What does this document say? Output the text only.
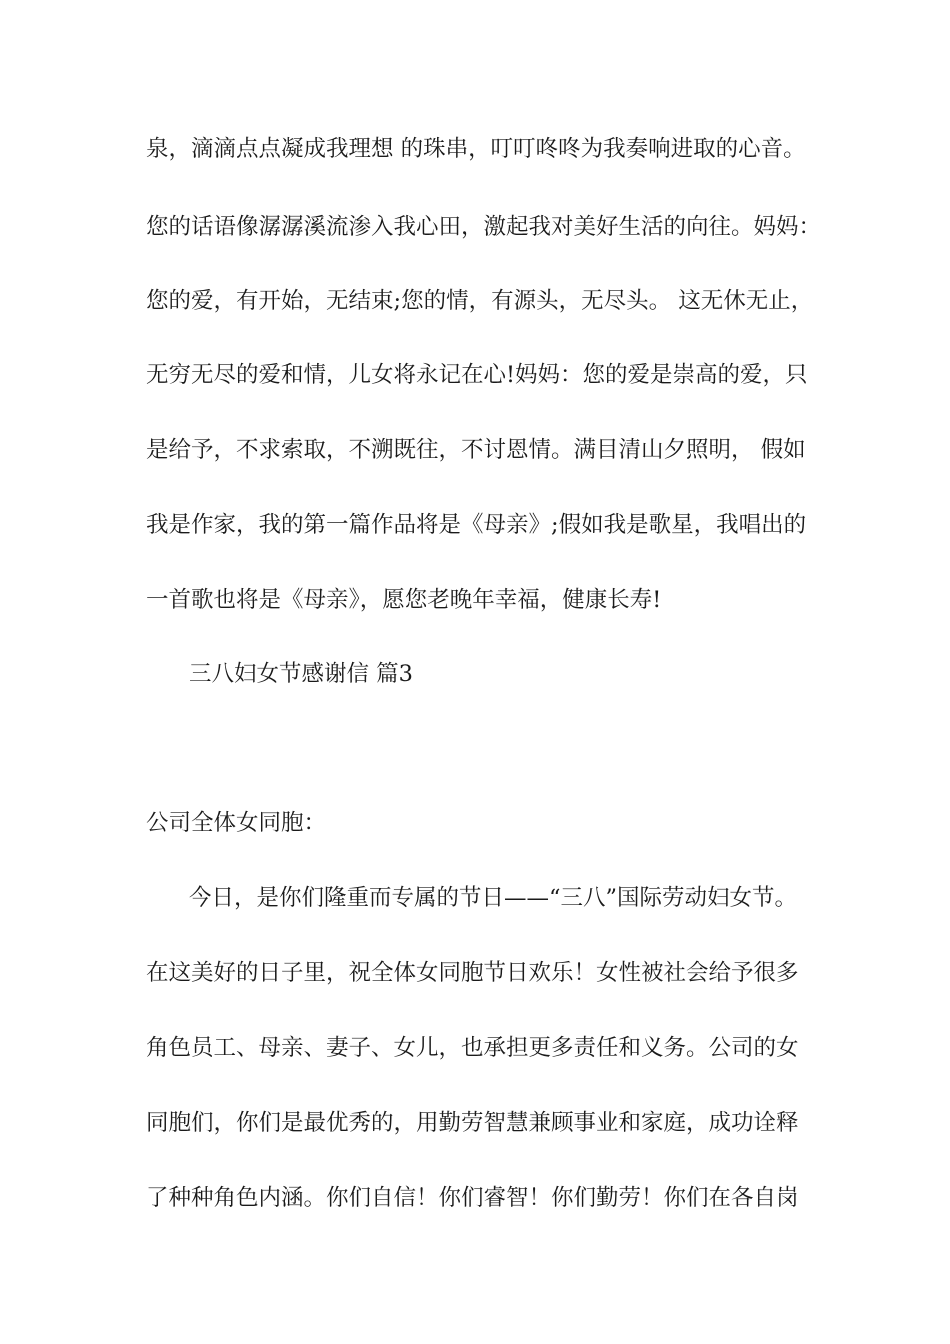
泉，滴滴点点凝成我理想 的珠串，叮叮咚咚为我奏响进取的心音。
您的话语像潺潺溪流渗入我心田，激起我对美好生活的向往。妈妈：
您的爱，有开始，无结束;您的情，有源头，无尽头。 这无休无止，
无穷无尽的爱和情，儿女将永记在心!妈妈：您的爱是崇高的爱，只
是给予，不求索取，不溯既往，不讨恩情。满目清山夕照明， 假如
我是作家，我的第一篇作品将是《母亲》;假如我是歌星，我唱出的
一首歌也将是《母亲》，愿您老晚年幸福，健康长寿!
三八妇女节感谢信 篇3
公司全体女同胞：
今日，是你们隆重而专属的节日——“三八”国际劳动妇女节。
在这美好的日子里，祝全体女同胞节日欢乐！女性被社会给予很多
角色员工、母亲、妻子、女儿，也承担更多责任和义务。公司的女
同胞们，你们是最优秀的，用勤劳智慧兼顾事业和家庭，成功诠释
了种种角色内涵。你们自信！你们睿智！你们勤劳！你们在各自岗
